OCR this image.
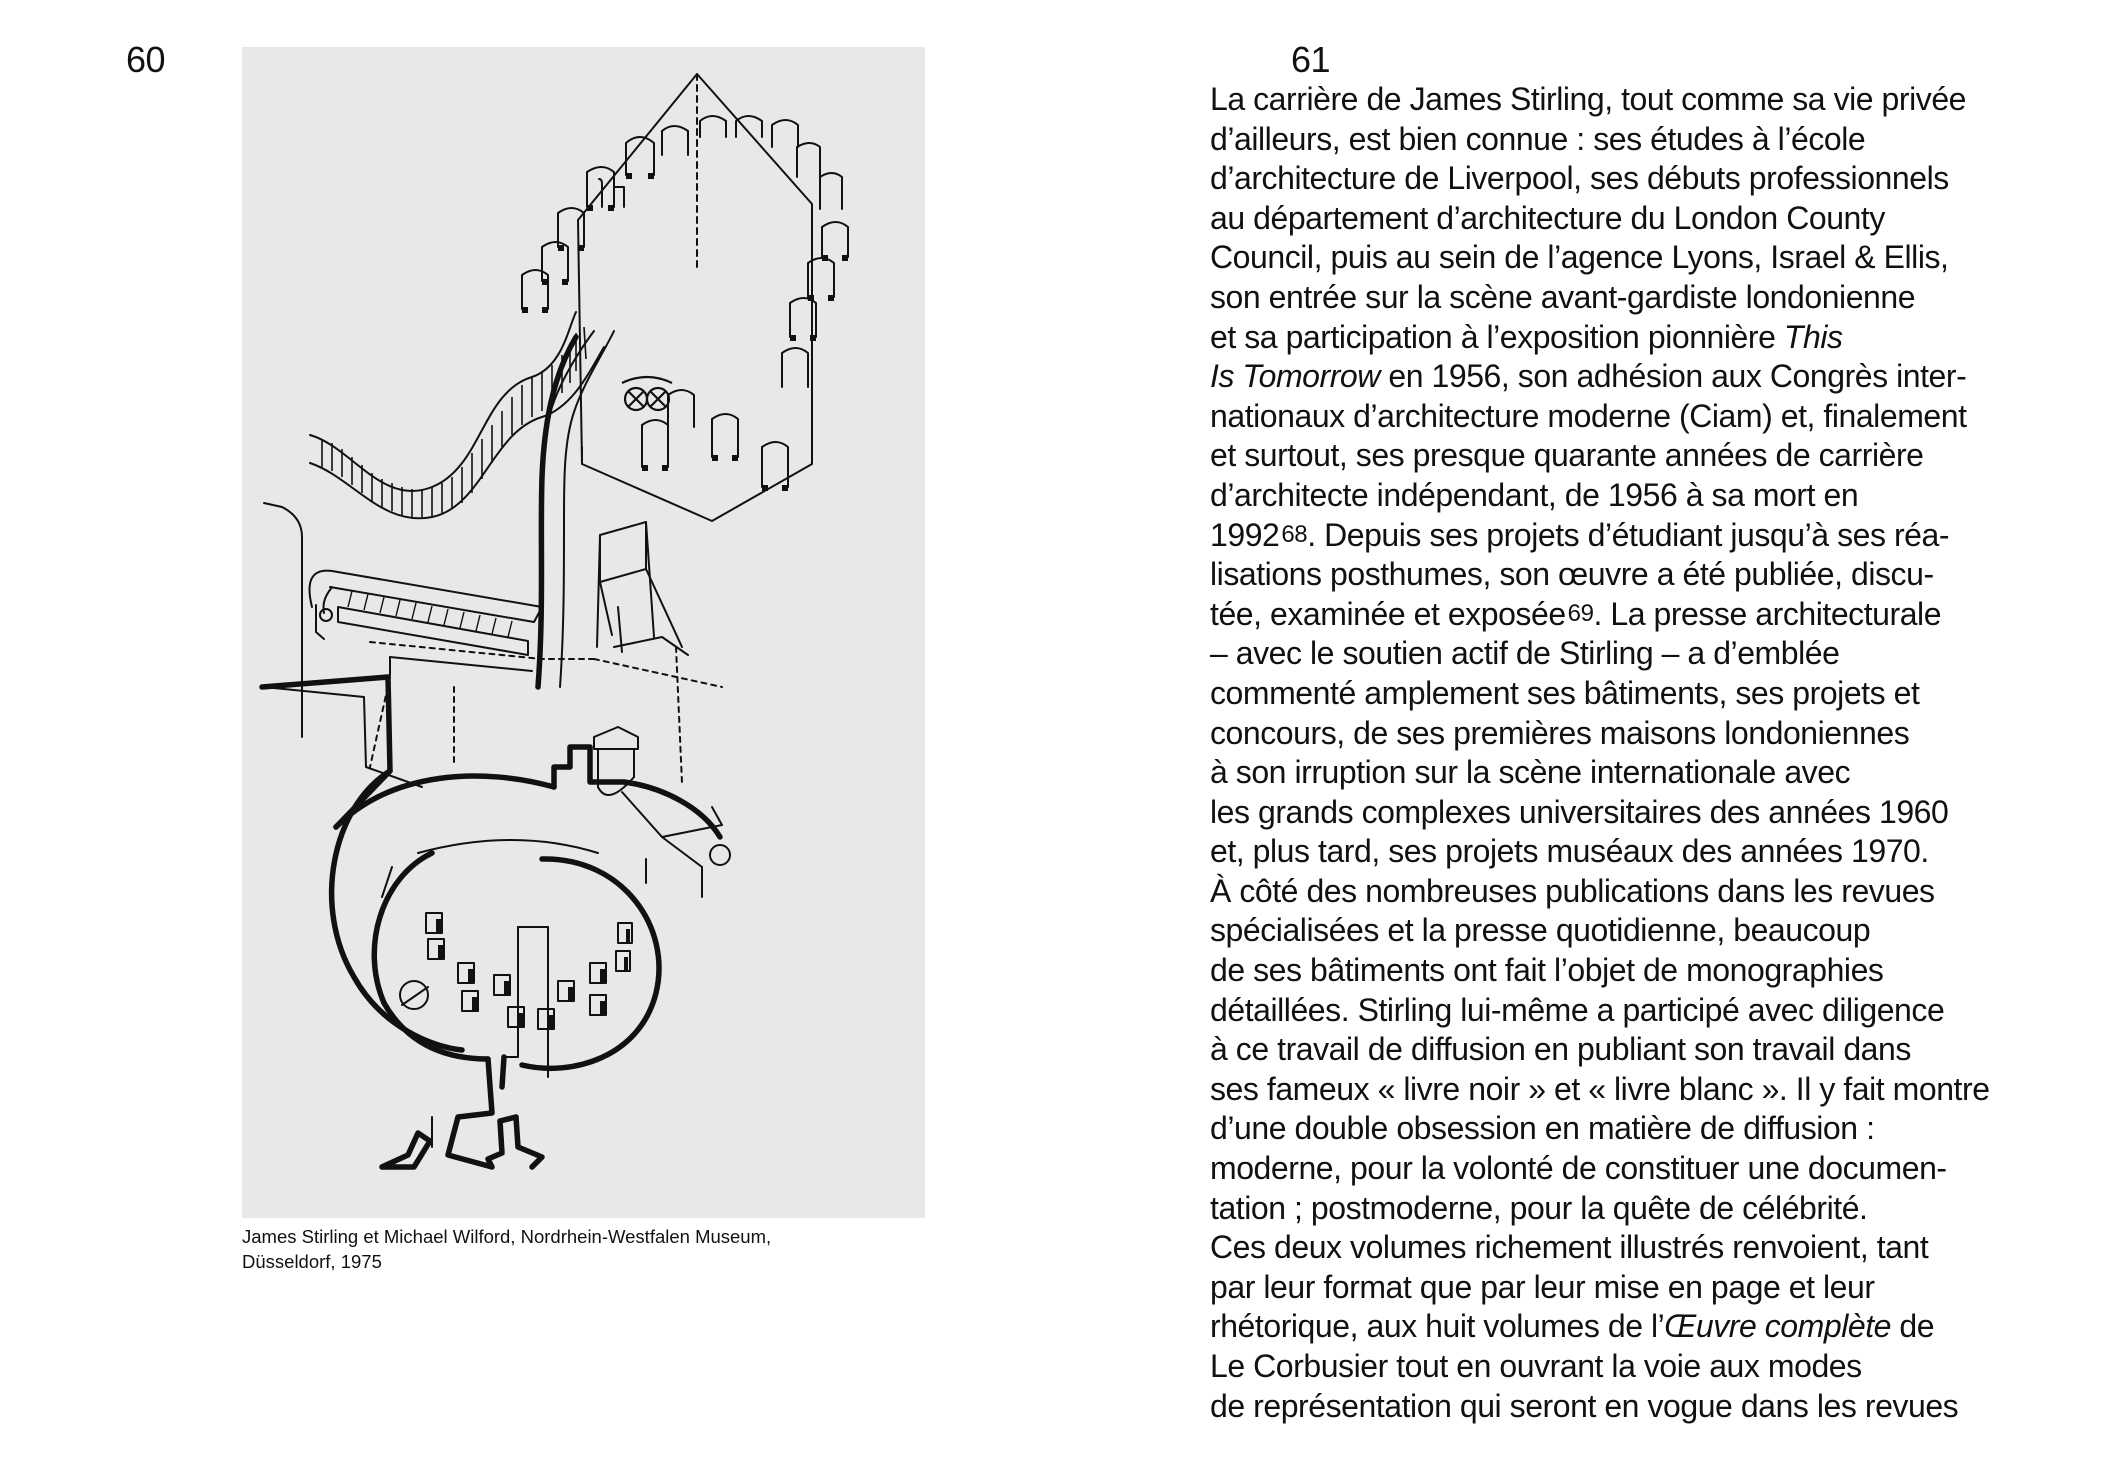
60	61

James Stirling et Michael Wilford, Nordrhein-Westfalen Museum,
Düsseldorf, 1975

La carrière de James Stirling, tout comme sa vie privée
d’ailleurs, est bien connue : ses études à l’école
d’architecture de Liverpool, ses débuts professionnels
au département d’architecture du London County
Council, puis au sein de l’agence Lyons, Israel & Ellis,
son entrée sur la scène avant-gardiste londonienne
et sa participation à l’exposition pionnière This
Is Tomorrow en 1956, son adhésion aux Congrès inter-
nationaux d’architecture moderne (Ciam) et, finalement
et surtout, ses presque quarante années de carrière
d’architecte indépendant, de 1956 à sa mort en
1992$^{68}$. Depuis ses projets d’étudiant jusqu’à ses réa-
lisations posthumes, son œuvre a été publiée, discu-
tée, examinée et exposée$^{69}$. La presse architecturale
– avec le soutien actif de Stirling – a d’emblée
commenté amplement ses bâtiments, ses projets et
concours, de ses premières maisons londoniennes
à son irruption sur la scène internationale avec
les grands complexes universitaires des années 1960
et, plus tard, ses projets muséaux des années 1970.
À côté des nombreuses publications dans les revues
spécialisées et la presse quotidienne, beaucoup
de ses bâtiments ont fait l’objet de monographies
détaillées. Stirling lui-même a participé avec diligence
à ce travail de diffusion en publiant son travail dans
ses fameux « livre noir » et « livre blanc ». Il y fait montre
d’une double obsession en matière de diffusion :
moderne, pour la volonté de constituer une documen-
tation ; postmoderne, pour la quête de célébrité.
Ces deux volumes richement illustrés renvoient, tant
par leur format que par leur mise en page et leur
rhétorique, aux huit volumes de l’Œuvre complète de
Le Corbusier tout en ouvrant la voie aux modes
de représentation qui seront en vogue dans les revues
